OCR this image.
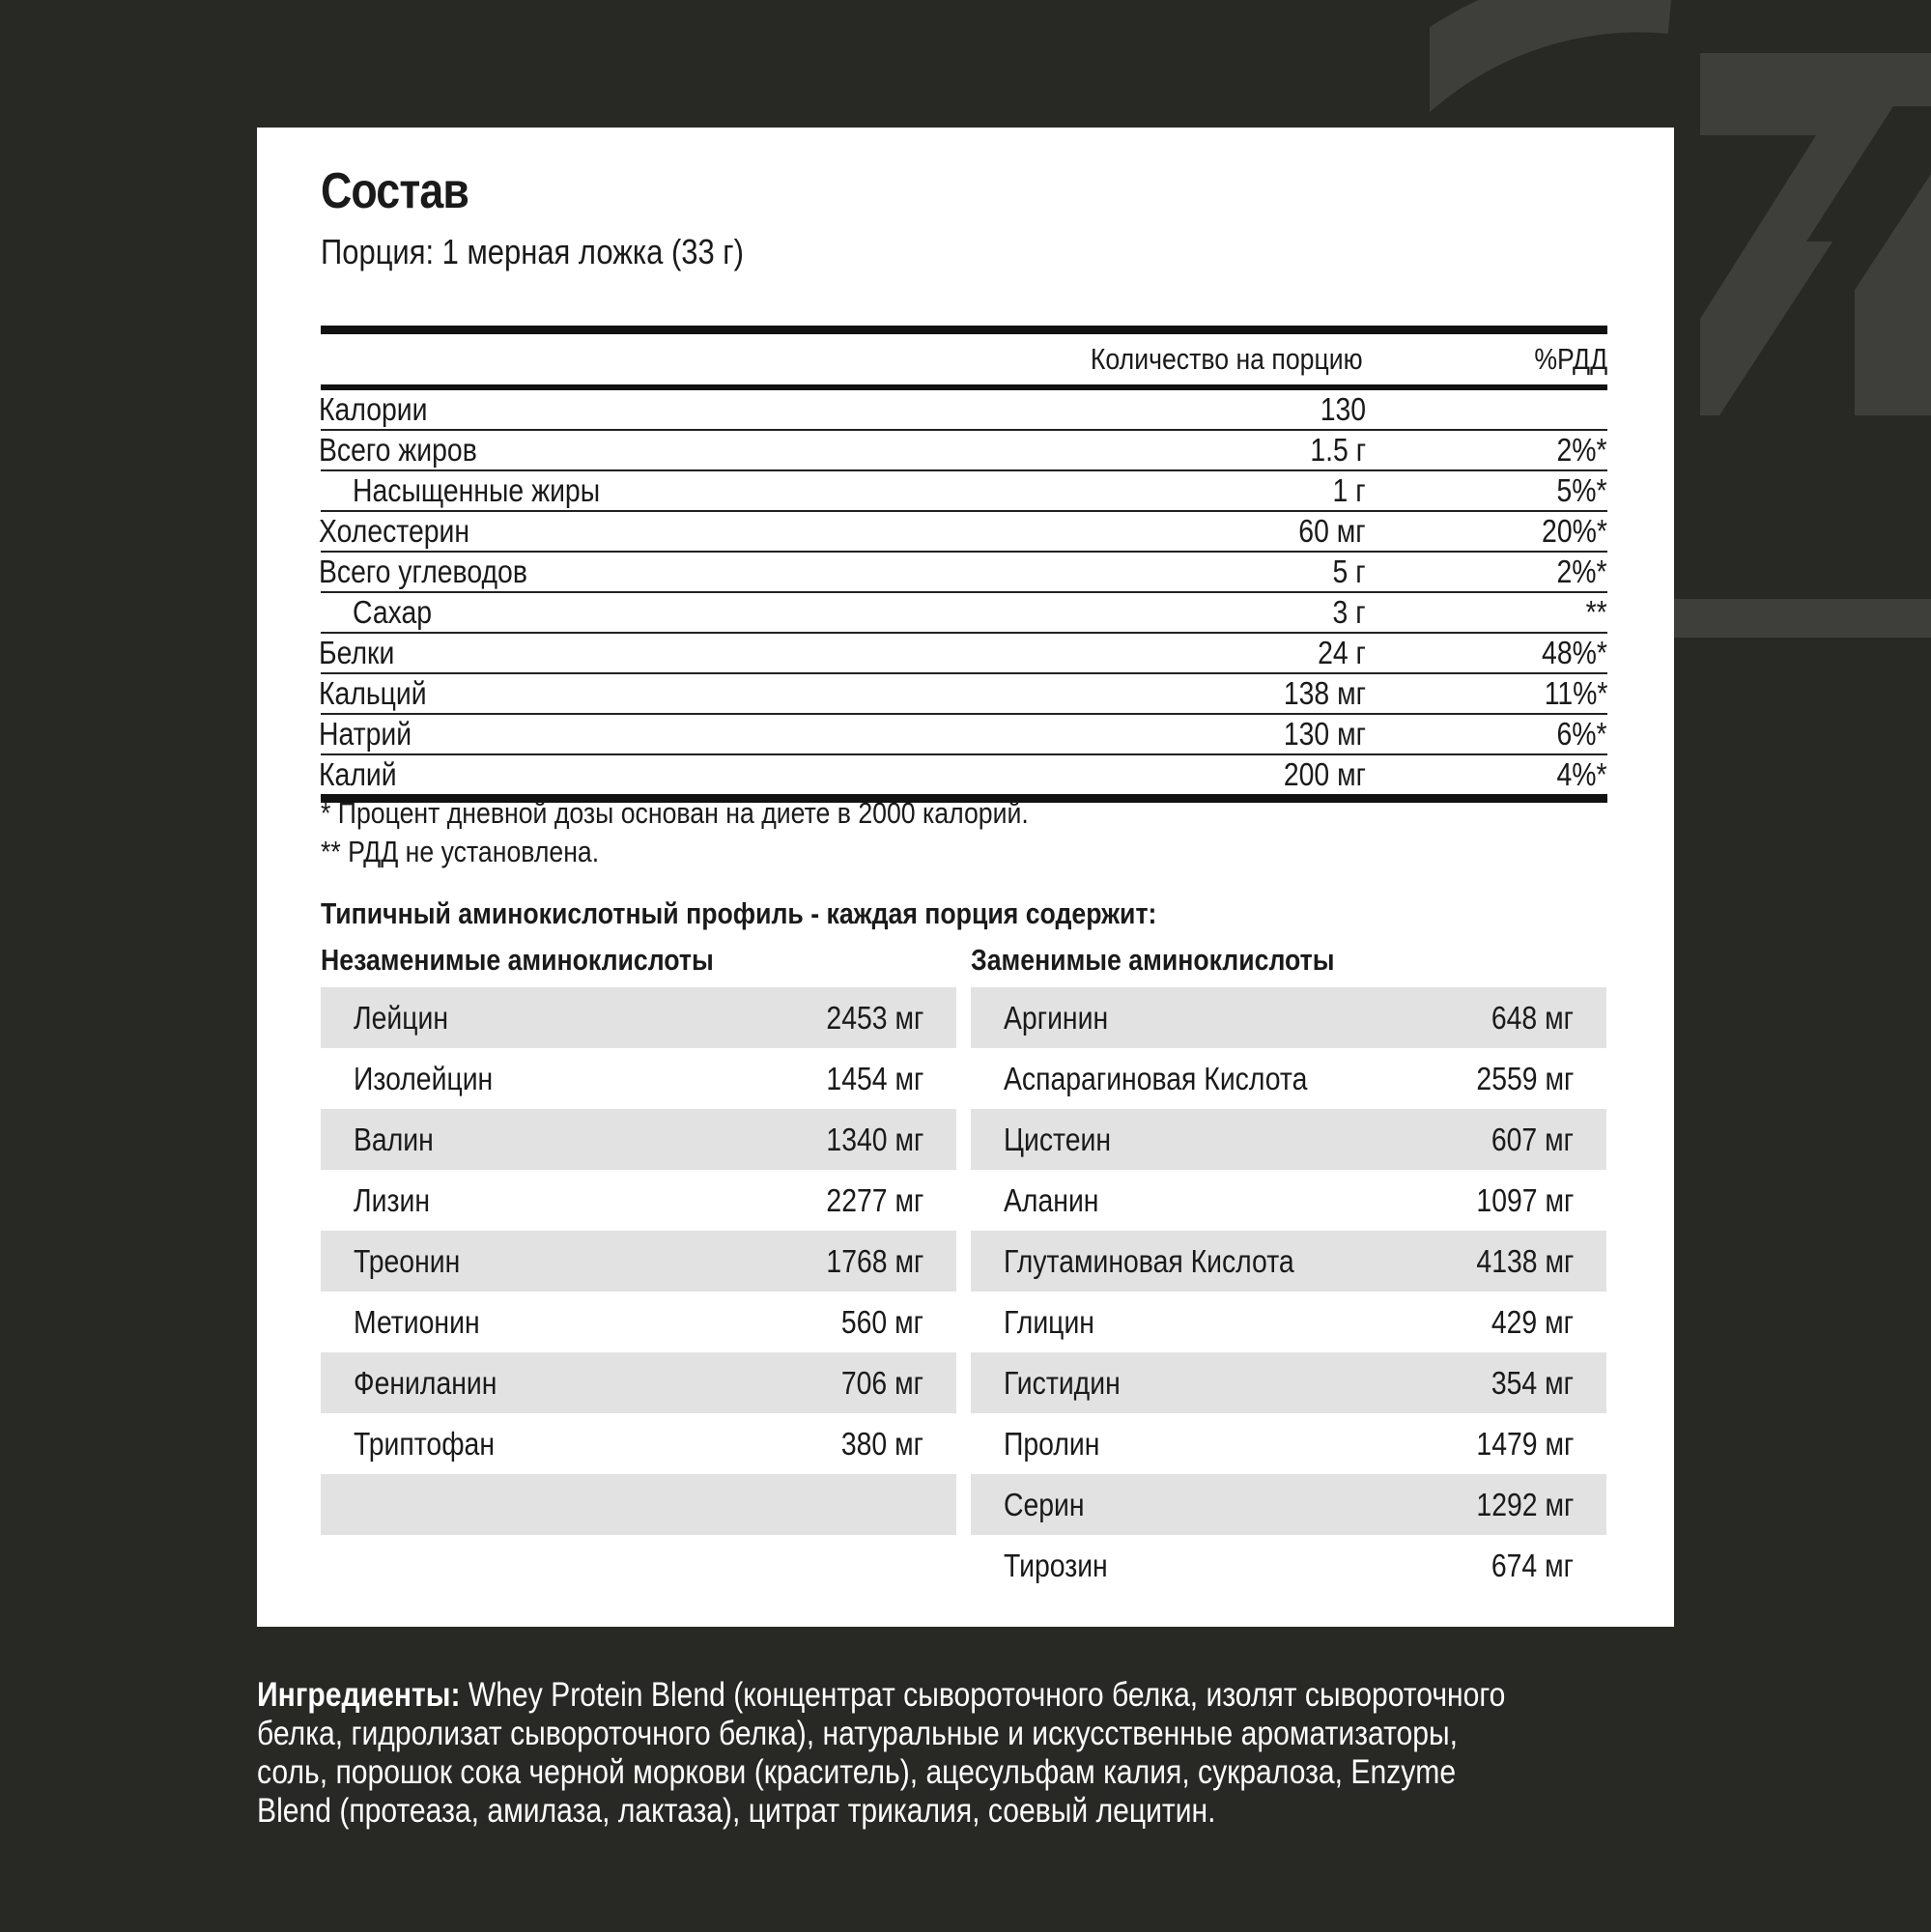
Состав
Порция: 1 мерная ложка (33 г)
Количество на порцию	%РДД
Калории	130
Всего жиров	1.5 г	2%*
Насыщенные жиры	1 г	5%*
Холестерин	60 мг	20%*
Всего углеводов	5 г	2%*
Сахар	3 г	**
Белки	24 г	48%*
Кальций	138 мг	11%*
Натрий	130 мг	6%*
Калий	200 мг	4%*
* Процент дневной дозы основан на диете в 2000 калорий.
** РДД не установлена.
Типичный аминокислотный профиль - каждая порция содержит:
Незаменимые аминоклислоты
Лейцин	2453 мг
Изолейцин	1454 мг
Валин	1340 мг
Лизин	2277 мг
Треонин	1768 мг
Метионин	560 мг
Фениланин	706 мг
Триптофан	380 мг
Заменимые аминоклислоты
Аргинин	648 мг
Аспарагиновая Кислота	2559 мг
Цистеин	607 мг
Аланин	1097 мг
Глутаминовая Кислота	4138 мг
Глицин	429 мг
Гистидин	354 мг
Пролин	1479 мг
Серин	1292 мг
Тирозин	674 мг
Ингредиенты: Whey Protein Blend (концентрат сывороточного белка, изолят сывороточного белка, гидролизат сывороточного белка), натуральные и искусственные ароматизаторы, соль, порошок сока черной моркови (краситель), ацесульфам калия, сукралоза, Enzyme Blend (протеаза, амилаза, лактаза), цитрат трикалия, соевый лецитин.
